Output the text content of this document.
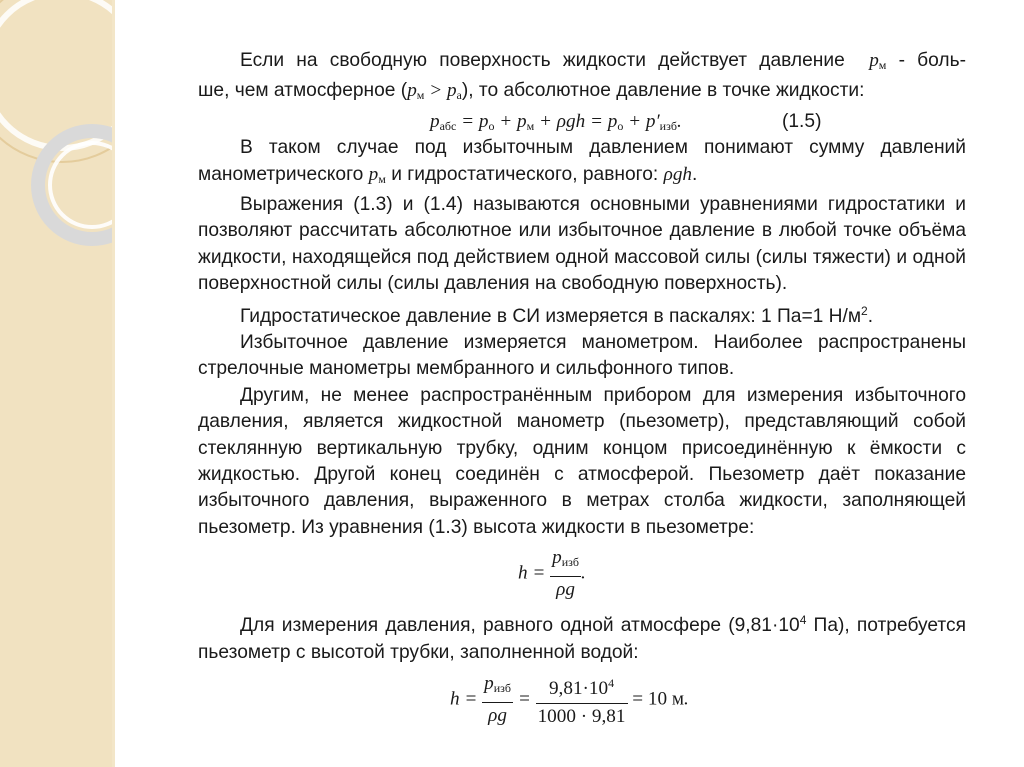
Если на свободную поверхность жидкости действует давление $p_м$ - боль-

ше, чем атмосферное $(p_м > p_а)$, то абсолютное давление в точке жидкости:

$p_{абс} = p_о + p_м + \rho gh = p_о + p'_{изб}$.	(1.5)

В таком случае под избыточным давлением понимают сумму давлений манометрического $p_м$ и гидростатического, равного: ρgh.

Выражения (1.3) и (1.4) называются основными уравнениями гидростатики и позволяют рассчитать абсолютное или избыточное давление в любой точке объёма жидкости, находящейся под действием одной массовой силы (силы тяжести) и одной поверхностной силы (силы давления на свободную поверхность).

Гидростатическое давление в СИ измеряется в паскалях: 1 Па=1 $Н/м^2$.

Избыточное давление измеряется манометром. Наиболее распространены стрелочные манометры мембранного и сильфонного типов.

Другим, не менее распространённым прибором для измерения избыточного давления, является жидкостной манометр (пьезометр), представляющий собой стеклянную вертикальную трубку, одним концом присоединённую к ёмкости с жидкостью. Другой конец соединён с атмосферой. Пьезометр даёт показание избыточного давления, выраженного в метрах столба жидкости, заполняющей пьезометр. Из уравнения (1.3) высота жидкости в пьезометре:

$h = \frac{p_{изб}}{\rho g}$ .

Для измерения давления, равного одной атмосфере ($9,81\cdot 10^4$ Па), потребуется пьезометр с высотой трубки, заполненной водой:

$h = \frac{p_{изб}}{\rho g} = \frac{9,81\cdot 10^4}{1000 \cdot 9,81} = 10$ м.
